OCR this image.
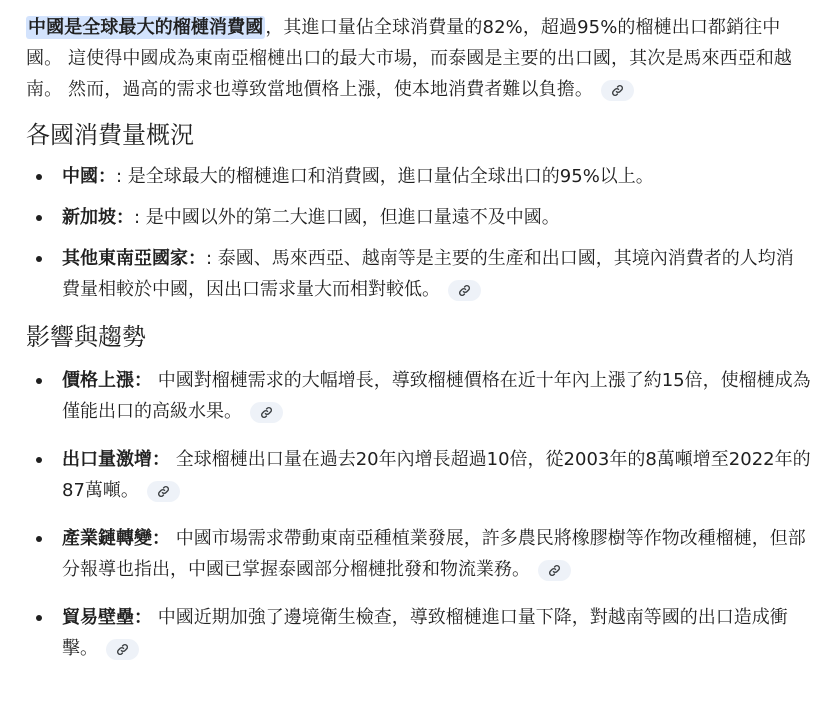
中國是全球最大的榴槤消費國 ，其進口量佔全球消費量的82%，超過95%的榴槤出口都銷往中國。 這使得中國成為東南亞榴槤出口的最大市場，而泰國是主要的出口國，其次是馬來西亞和越南。 然而，過高的需求也導致當地價格上漲，使本地消費者難以負擔。

各國消費量概況
中國：: 是全球最大的榴槤進口和消費國，進口量佔全球出口的95%以上。
新加坡：: 是中國以外的第二大進口國，但進口量遠不及中國。
其他東南亞國家：: 泰國、馬來西亞、越南等是主要的生產和出口國，其境內消費者的人均消費量相較於中國，因出口需求量大而相對較低。
影響與趨勢
價格上漲： 中國對榴槤需求的大幅增長，導致榴槤價格在近十年內上漲了約15倍，使榴槤成為僅能出口的高級水果。
出口量激增： 全球榴槤出口量在過去20年內增長超過10倍，從2003年的8萬噸增至2022年的87萬噸。
產業鏈轉變： 中國市場需求帶動東南亞種植業發展，許多農民將橡膠樹等作物改種榴槤，但部分報導也指出，中國已掌握泰國部分榴槤批發和物流業務。
貿易壁壘： 中國近期加強了邊境衛生檢查，導致榴槤進口量下降，對越南等國的出口造成衝擊。
